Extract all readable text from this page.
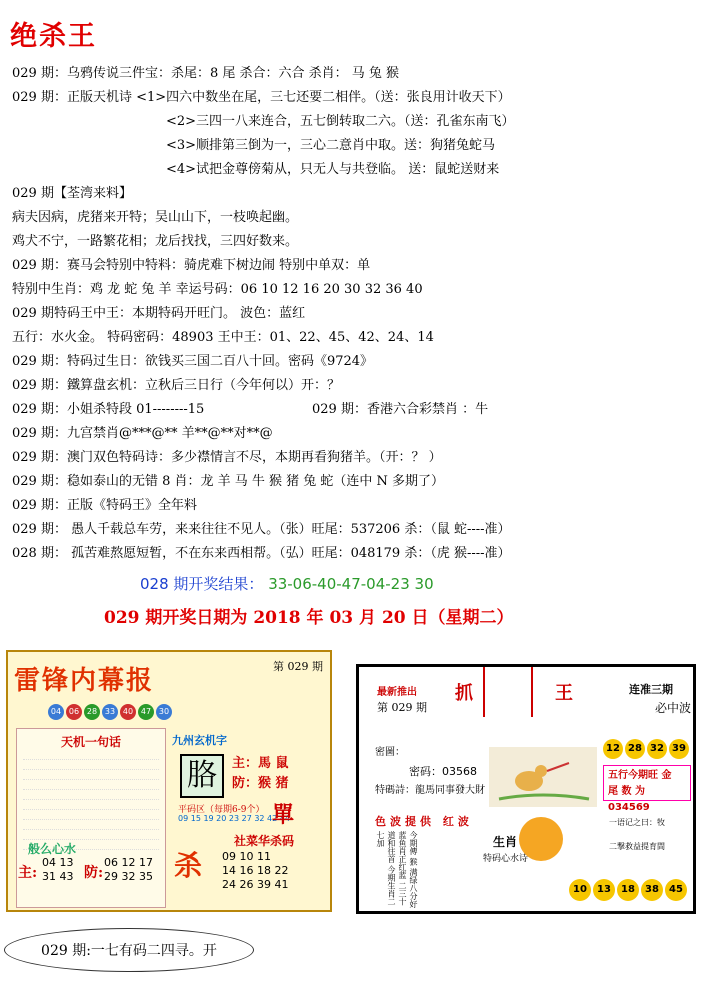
绝杀王
029 期：乌鸦传说三件宝：杀尾：8 尾 杀合：六合 杀肖： 马 兔 猴
029 期：正版天机诗 <1>四六中数坐在尾，三七还要二相伴。（送：张良用计收天下）
<2>三四一八来连合，五七倒转取二六。（送：孔雀东南飞）
<3>顺排第三倒为一，三心二意肖中取。送：狗猪兔蛇马
<4>试把金尊傍菊从，只无人与共登临。 送：鼠蛇送财来
029 期【荃湾来料】
病夫因病，虎猪来开特；吴山山下，一枝唤起幽。
鸡犬不宁，一路繁花相；龙后找找，三四好数来。
029 期：赛马会特别中特料：骑虎难下树边闹 特别中单双：单
特别中生肖：鸡 龙 蛇 兔 羊 幸运号码：06 10 12 16 20 30 32 36 40
029 期特码王中王：本期特码开旺门。 波色：蓝红
五行：水火金。 特码密码：48903 王中王：01、22、45、42、24、14
029 期：特码过生日：欲钱买三国二百八十回。密码《9724》
029 期：鐵算盘玄机：立秋后三日行（今年何以）开：？
029 期：小姐杀特段 01--------15	029 期：香港六合彩禁肖 ：牛
029 期：九宫禁肖@***@** 羊**@**对**@
029 期：澳门双色特码诗：多少襟情言不尽，本期再看狗猪羊。（开：？ ）
029 期：稳如泰山的无错 8 肖：龙 羊 马 牛 猴 猪 兔 蛇（连中 N 多期了）
029 期：正版《特码王》全年料
029 期： 愚人千载总车劳，来来往往不见人。（张）旺尾：537206 杀：（鼠 蛇----准）
028 期： 孤苦难熬愿短暂，不在东来西相帮。（弘）旺尾：048179 杀：（虎 猴----准）
028 期开奖结果： 33-06-40-47-04-23 30
029 期开奖日期为 2018 年 03 月 20 日（星期二）
雷锋内幕报	第 029 期
04 06 28 33 40 47 30
天机一句话
般么心水
主:
04 13
31 43 防:
06 12 17
29 32 35
九州玄机字
胳	主：馬 鼠
防：猴 猪
平码区（每期6-9个）
09 15 19 20 23 27 32 42 44
單
杀
社菜华杀码
09 10 11
14 16 18 22
24 26 39 41
最新推出
第 029 期
抓	王	连准三期
必中波
密圖：
密码：03568
特碼詩：龍馬同事發大財
12 28 32 39
五行今期旺 金
尾 数 为 034569
色波提供 红波
今期傳 猴 满绿八分好 蓝鱼肖正红蓝 二三十道和往首 今期生肖二七加	生肖
特码心水诗
一语记之曰：牧
二撃救益提育間
10	13	18	38	45
029 期:一七有码二四寻。开
